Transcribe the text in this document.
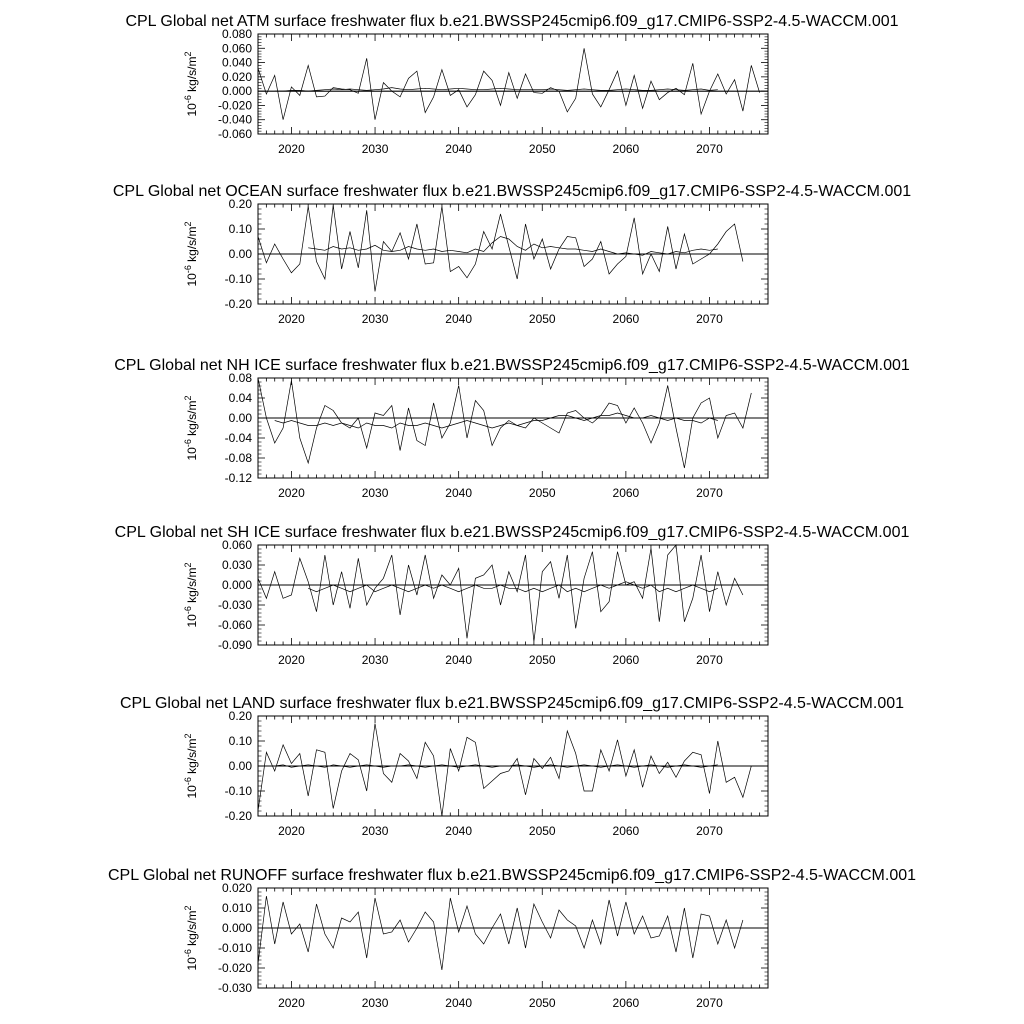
CPL Global net ATM surface freshwater flux b.e21.BWSSP245cmip6.f09_g17.CMIP6-SSP2-4.5-WACCM.001
2020	2030	2040	2050	2060	2070
0.080
0.060
0.040
0.020
0.000
-0.020
-0.040
-0.060
$10^{-6}$ $kg/s/m^2$
CPL Global net OCEAN surface freshwater flux b.e21.BWSSP245cmip6.f09_g17.CMIP6-SSP2-4.5-WACCM.001
2020	2030	2040	2050	2060	2070
0.20
0.10
0.00
-0.10
-0.20
$10^{-6}$ $kg/s/m^2$
CPL Global net NH ICE surface freshwater flux b.e21.BWSSP245cmip6.f09_g17.CMIP6-SSP2-4.5-WACCM.001
2020	2030	2040	2050	2060	2070
0.08
0.04
0.00
-0.04
-0.08
-0.12
$10^{-6}$ $kg/s/m^2$
CPL Global net SH ICE surface freshwater flux b.e21.BWSSP245cmip6.f09_g17.CMIP6-SSP2-4.5-WACCM.001
2020	2030	2040	2050	2060	2070
0.060
0.030
0.000
-0.030
-0.060
-0.090
$10^{-6}$ $kg/s/m^2$
CPL Global net LAND surface freshwater flux b.e21.BWSSP245cmip6.f09_g17.CMIP6-SSP2-4.5-WACCM.001
2020	2030	2040	2050	2060	2070
0.20
0.10
0.00
-0.10
-0.20
$10^{-6}$ $kg/s/m^2$
CPL Global net RUNOFF surface freshwater flux b.e21.BWSSP245cmip6.f09_g17.CMIP6-SSP2-4.5-WACCM.001
2020	2030	2040	2050	2060	2070
0.020
0.010
0.000
-0.010
-0.020
-0.030
$10^{-6}$ $kg/s/m^2$
